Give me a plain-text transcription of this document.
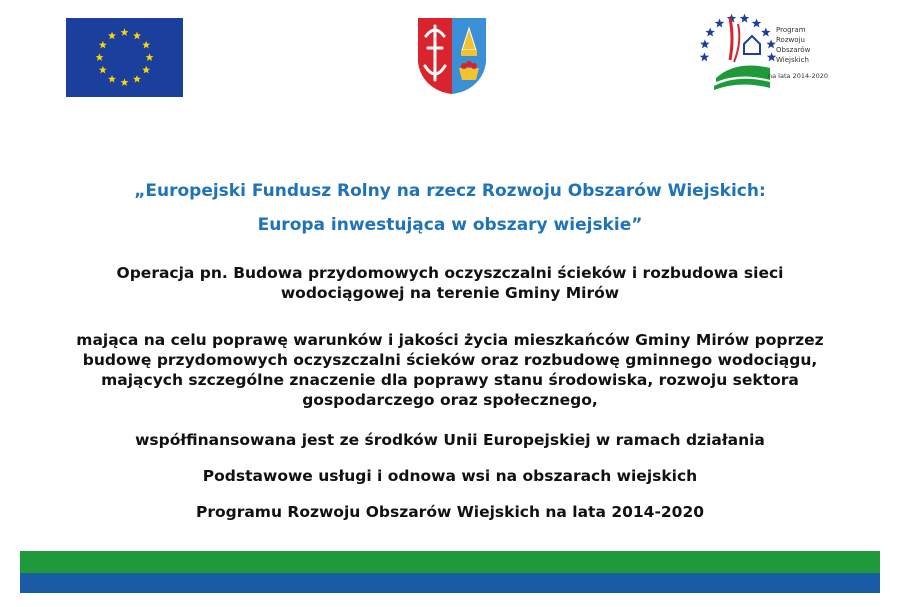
Program
Rozwoju
Obszarów
Wiejskich
na lata 2014-2020
„Europejski Fundusz Rolny na rzecz Rozwoju Obszarów Wiejskich:
Europa inwestująca w obszary wiejskie”
Operacja pn. Budowa przydomowych oczyszczalni ścieków i rozbudowa sieci
wodociągowej na terenie Gminy Mirów
mająca na celu poprawę warunków i jakości życia mieszkańców Gminy Mirów poprzez
budowę przydomowych oczyszczalni ścieków oraz rozbudowę gminnego wodociągu,
mających szczególne znaczenie dla poprawy stanu środowiska, rozwoju sektora
gospodarczego oraz społecznego,
współfinansowana jest ze środków Unii Europejskiej w ramach działania
Podstawowe usługi i odnowa wsi na obszarach wiejskich
Programu Rozwoju Obszarów Wiejskich na lata 2014-2020
